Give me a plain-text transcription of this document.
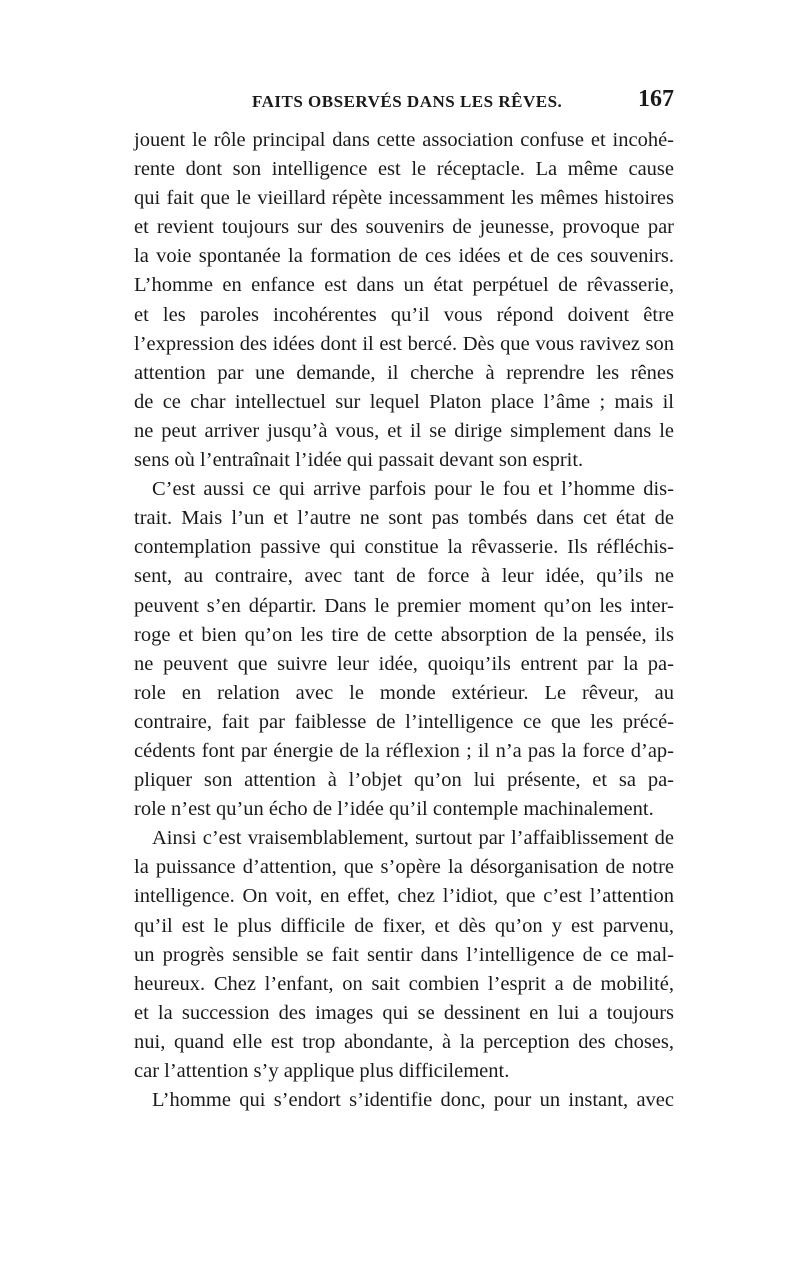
FAITS OBSERVÉS DANS LES RÊVES.	167
jouent le rôle principal dans cette association confuse et incohé-
rente dont son intelligence est le réceptacle. La même cause
qui fait que le vieillard répète incessamment les mêmes histoires
et revient toujours sur des souvenirs de jeunesse, provoque par
la voie spontanée la formation de ces idées et de ces souvenirs.
L’homme en enfance est dans un état perpétuel de rêvasserie,
et les paroles incohérentes qu’il vous répond doivent être
l’expression des idées dont il est bercé. Dès que vous ravivez son
attention par une demande, il cherche à reprendre les rênes
de ce char intellectuel sur lequel Platon place l’âme ; mais il
ne peut arriver jusqu’à vous, et il se dirige simplement dans le
sens où l’entraînait l’idée qui passait devant son esprit.
C’est aussi ce qui arrive parfois pour le fou et l’homme dis-
trait. Mais l’un et l’autre ne sont pas tombés dans cet état de
contemplation passive qui constitue la rêvasserie. Ils réfléchis-
sent, au contraire, avec tant de force à leur idée, qu’ils ne
peuvent s’en départir. Dans le premier moment qu’on les inter-
roge et bien qu’on les tire de cette absorption de la pensée, ils
ne peuvent que suivre leur idée, quoiqu’ils entrent par la pa-
role en relation avec le monde extérieur. Le rêveur, au
contraire, fait par faiblesse de l’intelligence ce que les précé-
cédents font par énergie de la réflexion ; il n’a pas la force d’ap-
pliquer son attention à l’objet qu’on lui présente, et sa pa-
role n’est qu’un écho de l’idée qu’il contemple machinalement.
Ainsi c’est vraisemblablement, surtout par l’affaiblissement de
la puissance d’attention, que s’opère la désorganisation de notre
intelligence. On voit, en effet, chez l’idiot, que c’est l’attention
qu’il est le plus difficile de fixer, et dès qu’on y est parvenu,
un progrès sensible se fait sentir dans l’intelligence de ce mal-
heureux. Chez l’enfant, on sait combien l’esprit a de mobilité,
et la succession des images qui se dessinent en lui a toujours
nui, quand elle est trop abondante, à la perception des choses,
car l’attention s’y applique plus difficilement.
L’homme qui s’endort s’identifie donc, pour un instant, avec
